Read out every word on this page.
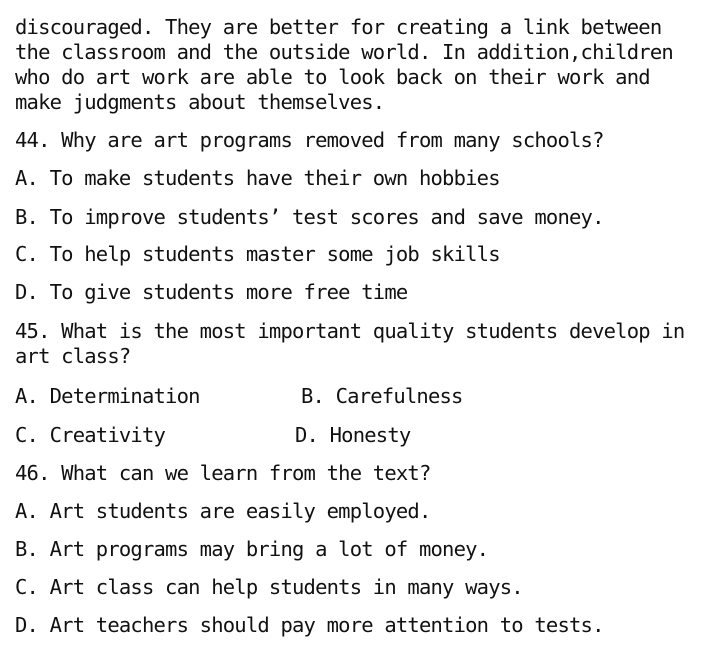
discouraged. They are better for creating a link between
the classroom and the outside world. In addition,children
who do art work are able to look back on their work and
make judgments about themselves.
44. Why are art programs removed from many schools?
A. To make students have their own hobbies
B. To improve students’ test scores and save money.
C. To help students master some job skills
D. To give students more free time
45. What is the most important quality students develop in
art class?
A. Determination	B. Carefulness
C. Creativity	D. Honesty
46. What can we learn from the text?
A. Art students are easily employed.
B. Art programs may bring a lot of money.
C. Art class can help students in many ways.
D. Art teachers should pay more attention to tests.
